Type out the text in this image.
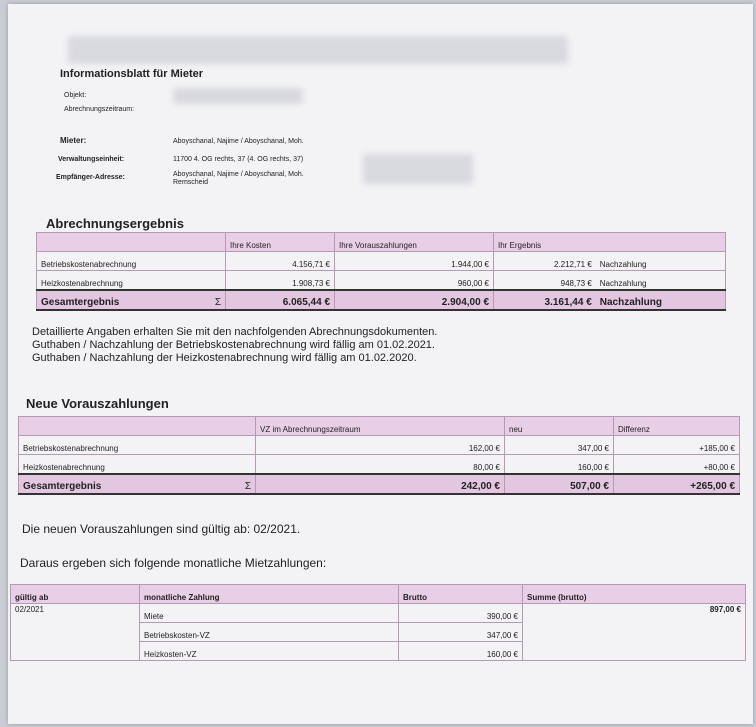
Informationsblatt für Mieter
Objekt:
Abrechnungszeitraum:
Mieter:	Aboyschanal, Najime / Aboyschanal, Moh.
Verwaltungseinheit:	11700 4. OG rechts, 37 (4. OG rechts, 37)
Empfänger-Adresse:	Aboyschanal, Najime / Aboyschanal, Moh.
Remscheid
Abrechnungsergebnis
	Ihre Kosten	Ihre Vorauszahlungen	Ihr Ergebnis	
Betriebskostenabrechnung	4.156,71 €	1.944,00 €	2.212,71 €	Nachzahlung
Heizkostenabrechnung	1.908,73 €	960,00 €	948,73 €	Nachzahlung
Gesamtergebnis Σ	6.065,44 €	2.904,00 €	3.161,44 €	Nachzahlung
Detaillierte Angaben erhalten Sie mit den nachfolgenden Abrechnungsdokumenten.
Guthaben / Nachzahlung der Betriebskostenabrechnung wird fällig am 01.02.2021.
Guthaben / Nachzahlung der Heizkostenabrechnung wird fällig am 01.02.2020.
Neue Vorauszahlungen
	VZ im Abrechnungszeitraum	neu	Differenz
Betriebskostenabrechnung	162,00 €	347,00 €	+185,00 €
Heizkostenabrechnung	80,00 €	160,00 €	+80,00 €
Gesamtergebnis Σ	242,00 €	507,00 €	+265,00 €
Die neuen Vorauszahlungen sind gültig ab: 02/2021.
Daraus ergeben sich folgende monatliche Mietzahlungen:
gültig ab	monatliche Zahlung	Brutto	Summe (brutto)
02/2021	Miete	390,00 €	897,00 €
	Betriebskosten-VZ	347,00 €	
	Heizkosten-VZ	160,00 €	
